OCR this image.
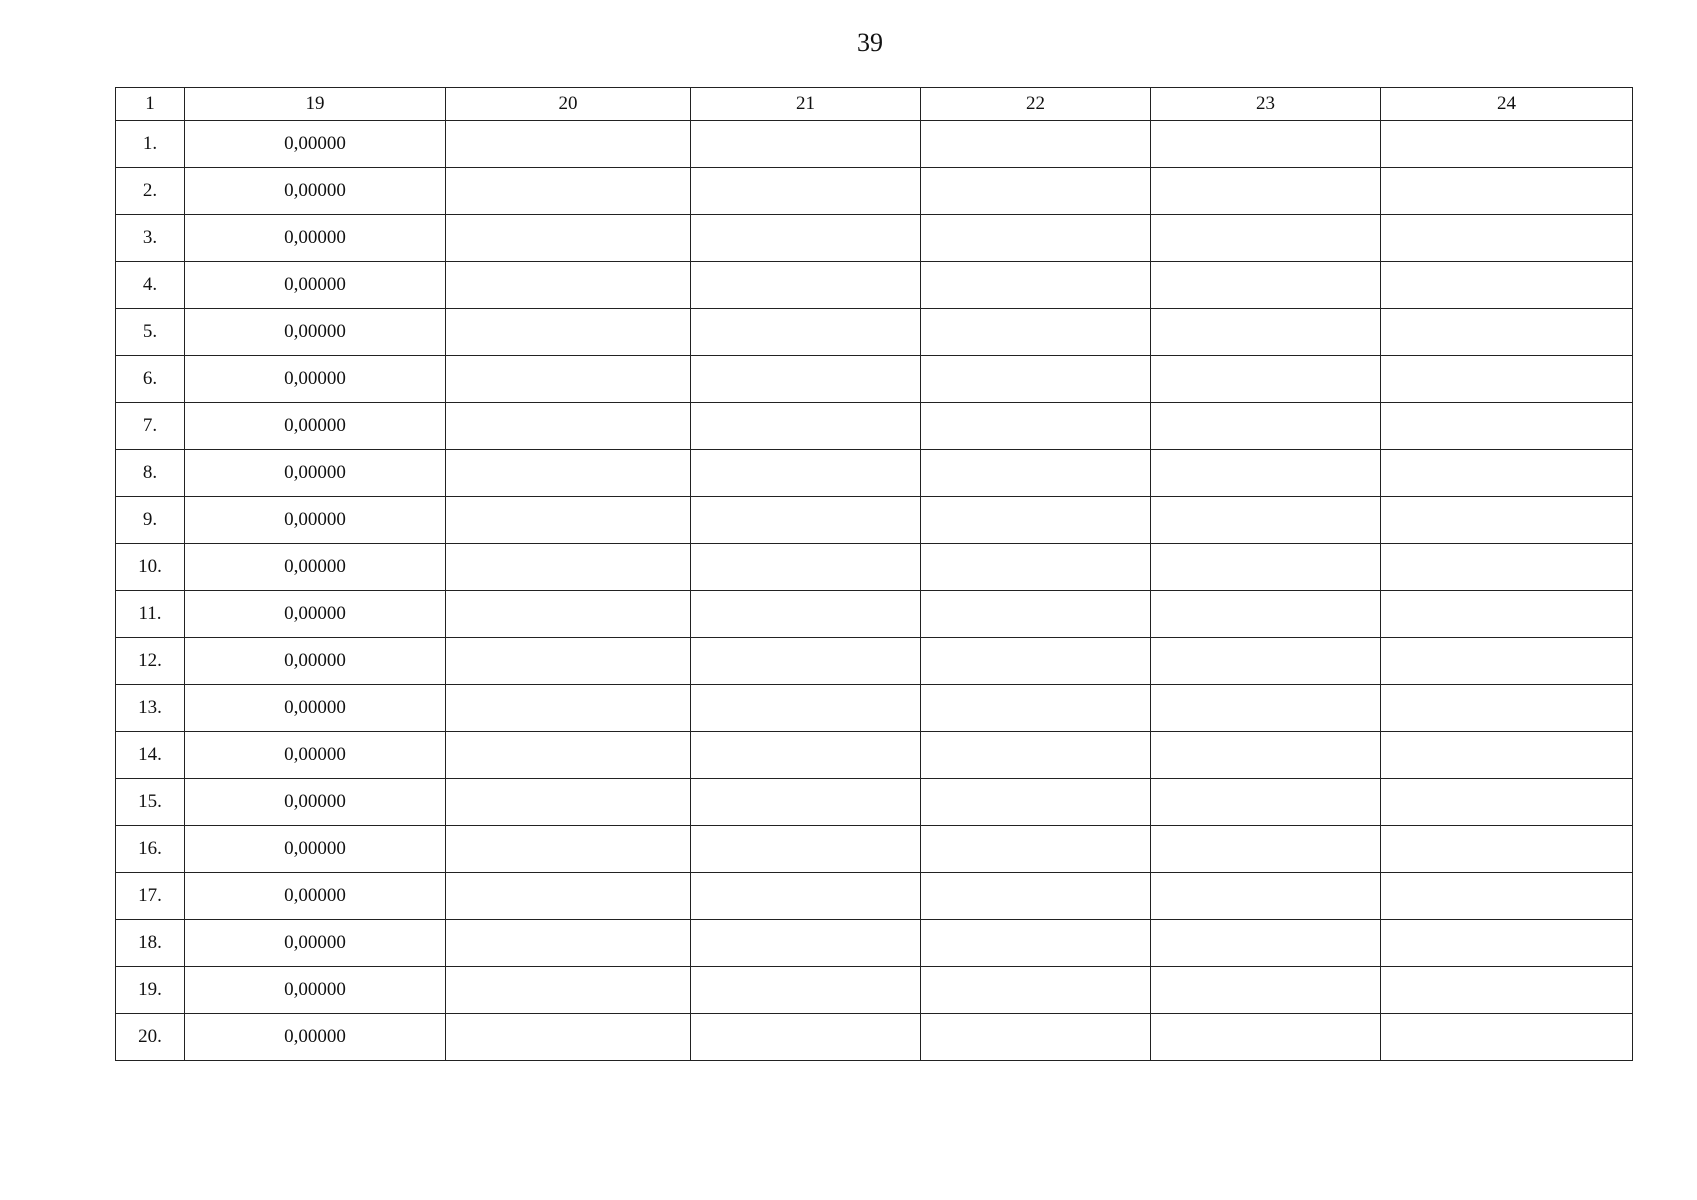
39
1	19	20	21	22	23	24
1.	0,00000					
2.	0,00000					
3.	0,00000					
4.	0,00000					
5.	0,00000					
6.	0,00000					
7.	0,00000					
8.	0,00000					
9.	0,00000					
10.	0,00000					
11.	0,00000					
12.	0,00000					
13.	0,00000					
14.	0,00000					
15.	0,00000					
16.	0,00000					
17.	0,00000					
18.	0,00000					
19.	0,00000					
20.	0,00000					
